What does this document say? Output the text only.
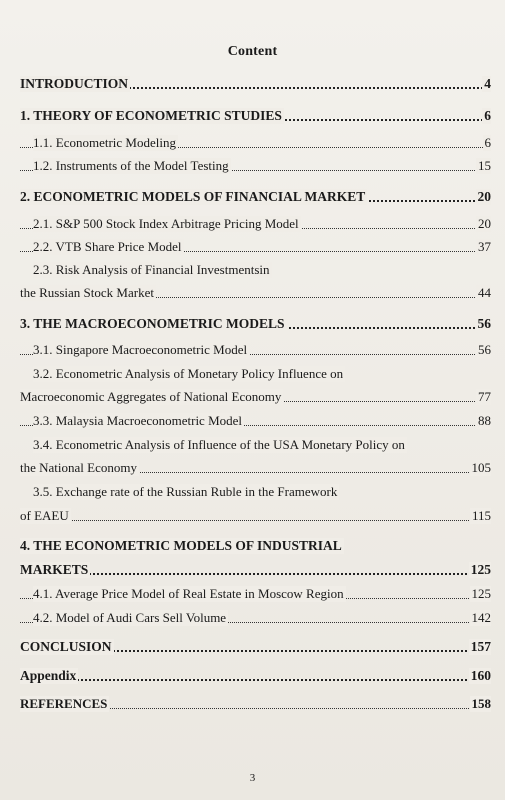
Content
INTRODUCTION	4
1. THEORY OF ECONOMETRIC STUDIES	6
1.1. Econometric Modeling	6
1.2. Instruments of the Model Testing	15
2. ECONOMETRIC MODELS OF FINANCIAL MARKET	20
2.1. S&P 500 Stock Index Arbitrage Pricing Model	20
2.2. VTB Share Price Model	37
2.3. Risk Analysis of Financial Investmentsin
the Russian Stock Market	44
3. THE MACROECONOMETRIC MODELS	56
3.1. Singapore Macroeconometric Model	56
3.2. Econometric Analysis of Monetary Policy Influence on
Macroeconomic Aggregates of National Economy	77
3.3. Malaysia Macroeconometric Model	88
3.4. Econometric Analysis of Influence of the USA Monetary Policy on
the National Economy	105
3.5. Exchange rate of the Russian Ruble in the Framework
of EAEU	115
4. THE ECONOMETRIC MODELS OF INDUSTRIAL
MARKETS	125
4.1. Average Price Model of Real Estate in Moscow Region	125
4.2. Model of Audi Cars Sell Volume	142
CONCLUSION	157
Appendix	160
REFERENCES	158
3
